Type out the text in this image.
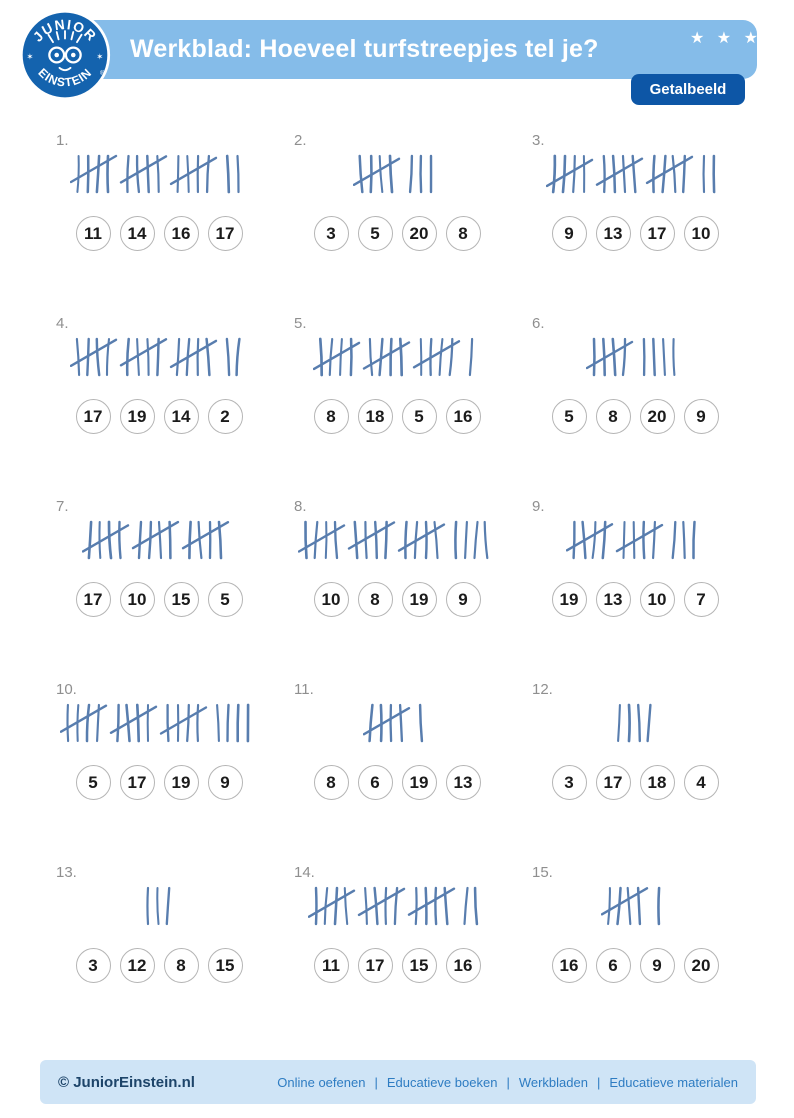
★ ★ ★
Werkblad: Hoeveel turfstreepjes tel je?
Getalbeeld
JUNIOR
EINSTEIN
✶	✶
®
1.
11	14	16	17
2.
3	5	20	8
3.
9	13	17	10
4.
17	19	14	2
5.
8	18	5	16
6.
5	8	20	9
7.
17	10	15	5
8.
10	8	19	9
9.
19	13	10	7
10.
5	17	19	9
11.
8	6	19	13
12.
3	17	18	4
13.
3	12	8	15
14.
11	17	15	16
15.
16	6	9	20
© JuniorEinstein.nl	Online oefenen | Educatieve boeken | Werkbladen | Educatieve materialen
